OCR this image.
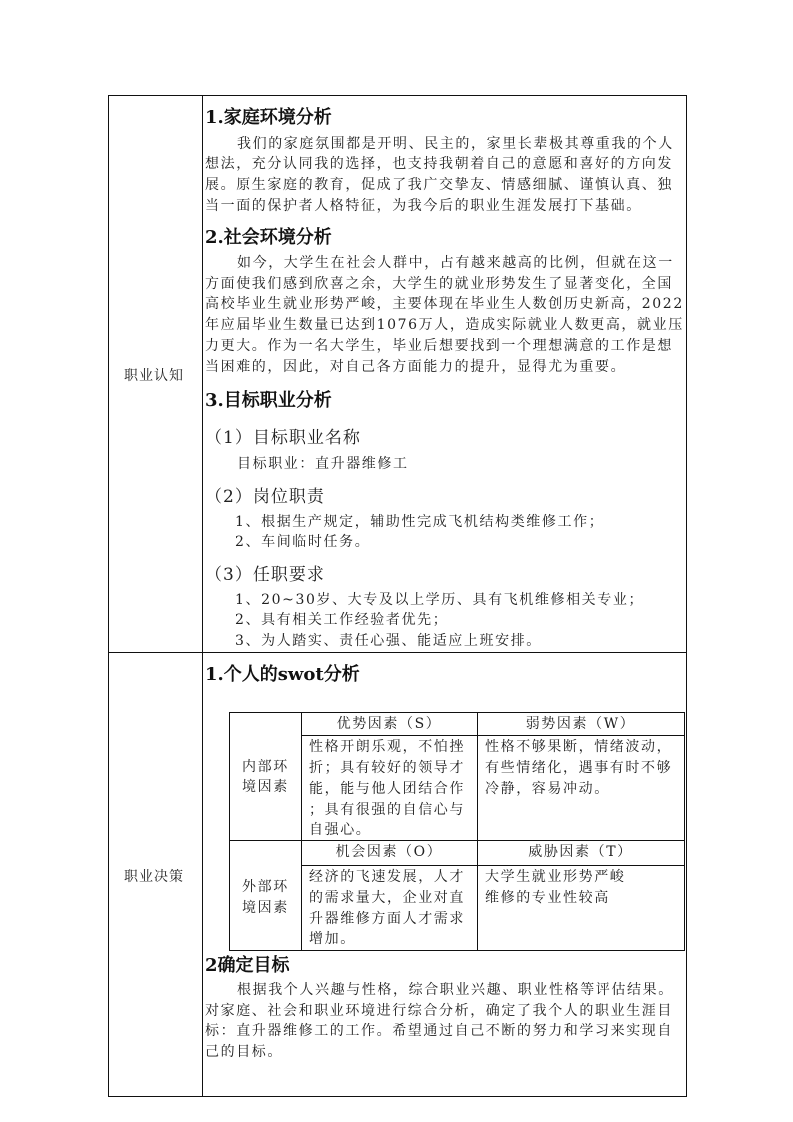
职业认知
职业决策
1.家庭环境分析
我们的家庭氛围都是开明、民主的，家里长辈极其尊重我的个人
想法，充分认同我的选择，也支持我朝着自己的意愿和喜好的方向发
展。原生家庭的教育，促成了我广交挚友、情感细腻、谨慎认真、独
当一面的保护者人格特征，为我今后的职业生涯发展打下基础。
2.社会环境分析
如今，大学生在社会人群中，占有越来越高的比例，但就在这一
方面使我们感到欣喜之余，大学生的就业形势发生了显著变化，全国
高校毕业生就业形势严峻，主要体现在毕业生人数创历史新高，2022
年应届毕业生数量已达到1076万人，造成实际就业人数更高，就业压
力更大。作为一名大学生，毕业后想要找到一个理想满意的工作是想
当困难的，因此，对自己各方面能力的提升，显得尤为重要。
3.目标职业分析
（1）目标职业名称
目标职业：直升器维修工
（2）岗位职责
1、根据生产规定，辅助性完成飞机结构类维修工作；
2、车间临时任务。
（3）任职要求
1、20~30岁、大专及以上学历、具有飞机维修相关专业；
2、具有相关工作经验者优先；
3、为人踏实、责任心强、能适应上班安排。
1.个人的swot分析
优势因素（S）	弱势因素（W）
机会因素（O）	威胁因素（T）
内部环
境因素
外部环
境因素
性格开朗乐观，不怕挫
折；具有较好的领导才
能，能与他人团结合作
；具有很强的自信心与
自强心。
性格不够果断，情绪波动，
有些情绪化，遇事有时不够
冷静，容易冲动。
经济的飞速发展，人才
的需求量大，企业对直
升器维修方面人才需求
增加。
大学生就业形势严峻
维修的专业性较高
2确定目标
根据我个人兴趣与性格，综合职业兴趣、职业性格等评估结果。
对家庭、社会和职业环境进行综合分析，确定了我个人的职业生涯目
标：直升器维修工的工作。希望通过自己不断的努力和学习来实现自
己的目标。
